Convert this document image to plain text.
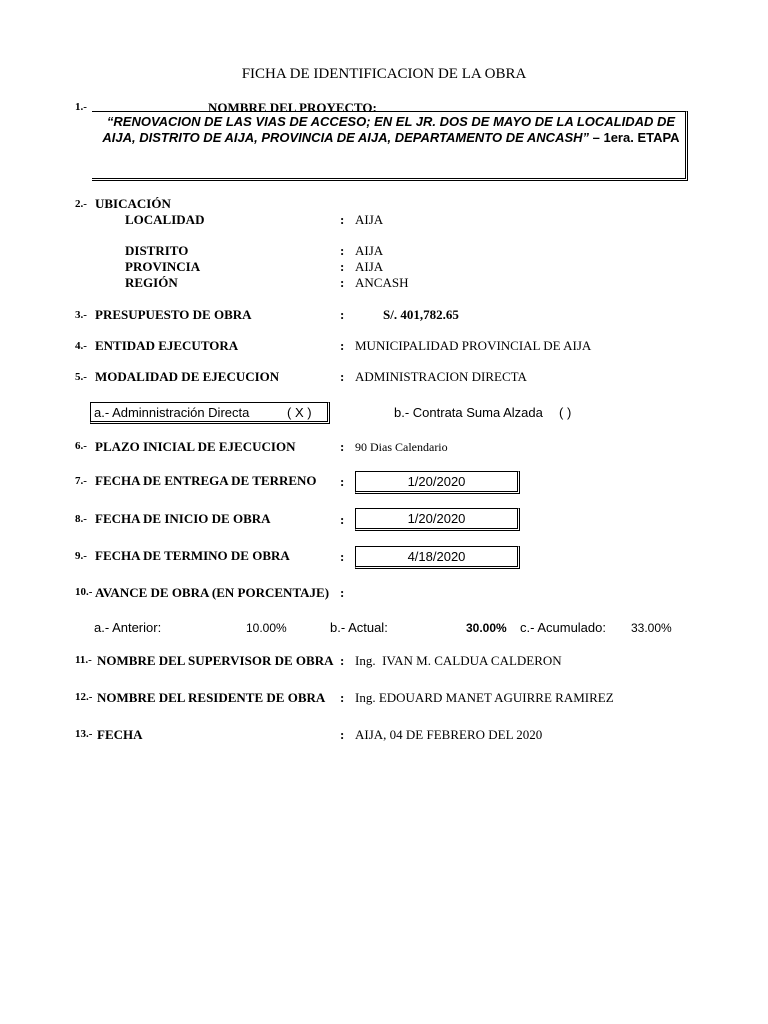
FICHA DE IDENTIFICACION DE LA OBRA
1.-	NOMBRE DEL PROYECTO:
“RENOVACION DE LAS VIAS DE ACCESO; EN EL JR. DOS DE MAYO DE LA LOCALIDAD DE AIJA, DISTRITO DE AIJA, PROVINCIA DE AIJA, DEPARTAMENTO DE ANCASH” – 1era. ETAPA
2.- UBICACIÓN
LOCALIDAD	: AIJA
DISTRITO	: AIJA
PROVINCIA	: AIJA
REGIÓN	: ANCASH
3.- PRESUPUESTO DE OBRA	:	S/. 401,782.65
4.- ENTIDAD EJECUTORA	: MUNICIPALIDAD PROVINCIAL DE AIJA
5.- MODALIDAD DE EJECUCION	: ADMINISTRACION DIRECTA
a.- Adminnistración Directa	( X )	b.- Contrata Suma Alzada ( )
6.- PLAZO INICIAL DE EJECUCION	: 90 Dias Calendario
7.- FECHA DE ENTREGA DE TERRENO :	1/20/2020
8.- FECHA DE INICIO DE OBRA	:	1/20/2020
9.- FECHA DE TERMINO DE OBRA	:	4/18/2020
10.- AVANCE DE OBRA (EN PORCENTAJE) :
a.- Anterior:	10.00%	b.- Actual:	30.00% c.- Acumulado: 33.00%
11.- NOMBRE DEL SUPERVISOR DE OBRA : Ing.  IVAN M. CALDUA CALDERON
12.- NOMBRE DEL RESIDENTE DE OBRA : Ing. EDOUARD MANET AGUIRRE RAMIREZ
13.- FECHA	: AIJA, 04 DE FEBRERO DEL 2020
